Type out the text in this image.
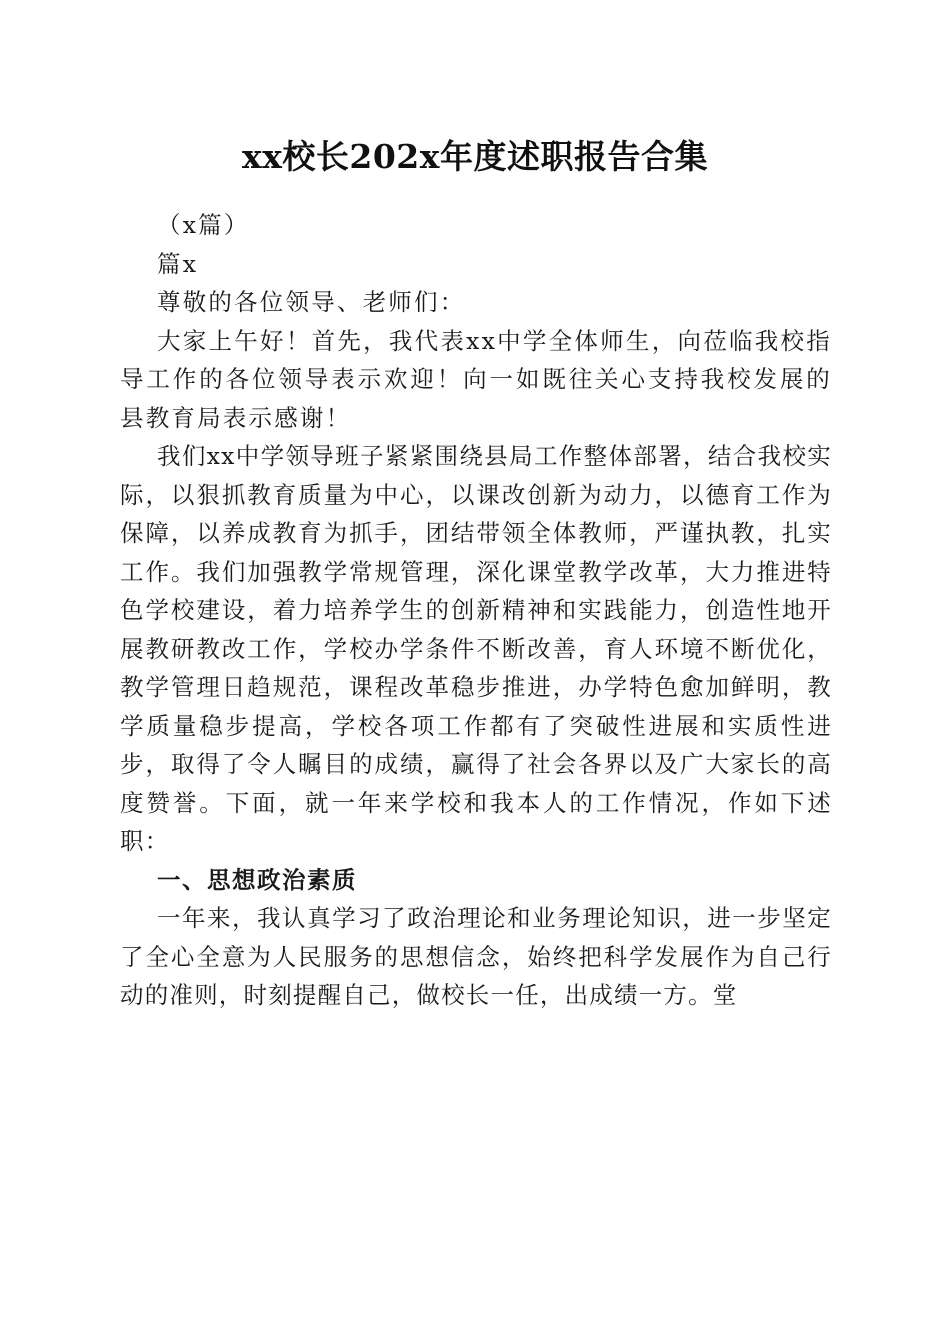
xx校长202x年度述职报告合集

（x篇）

篇x

尊敬的各位领导、老师们：

大家上午好！首先，我代表xx中学全体师生，向莅临我校指导工作的各位领导表示欢迎！向一如既往关心支持我校发展的县教育局表示感谢！

我们xx中学领导班子紧紧围绕县局工作整体部署，结合我校实际，以狠抓教育质量为中心，以课改创新为动力，以德育工作为保障，以养成教育为抓手，团结带领全体教师，严谨执教，扎实工作。我们加强教学常规管理，深化课堂教学改革，大力推进特色学校建设，着力培养学生的创新精神和实践能力，创造性地开展教研教改工作，学校办学条件不断改善，育人环境不断优化，教学管理日趋规范，课程改革稳步推进，办学特色愈加鲜明，教学质量稳步提高，学校各项工作都有了突破性进展和实质性进步，取得了令人瞩目的成绩，赢得了社会各界以及广大家长的高度赞誉。下面，就一年来学校和我本人的工作情况，作如下述职：

一、思想政治素质

一年来，我认真学习了政治理论和业务理论知识，进一步坚定了全心全意为人民服务的思想信念，始终把科学发展作为自己行动的准则，时刻提醒自己，做校长一任，出成绩一方。堂
